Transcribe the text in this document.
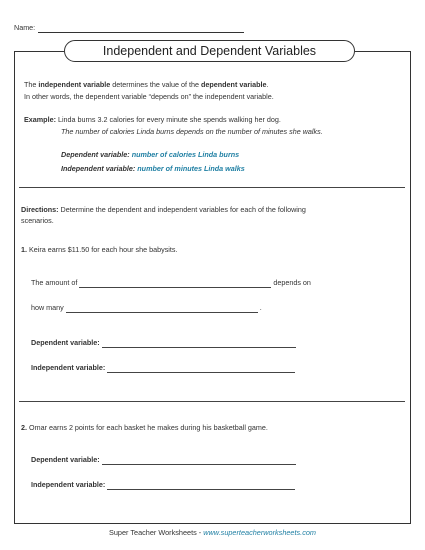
Name:
Independent and Dependent Variables
The independent variable determines the value of the dependent variable.
In other words, the dependent variable “depends on” the independent variable.
Example: Linda burns 3.2 calories for every minute she spends walking her dog.
The number of calories Linda burns depends on the number of minutes she walks.
Dependent variable: number of calories Linda burns
Independent variable: number of minutes Linda walks
Directions: Determine the dependent and independent variables for each of the following
scenarios.
1. Keira earns $11.50 for each hour she babysits.
The amount of	depends on
how many	.
Dependent variable:
Independent variable:
2. Omar earns 2 points for each basket he makes during his basketball game.
Dependent variable:
Independent variable:
Super Teacher Worksheets - www.superteacherworksheets.com
